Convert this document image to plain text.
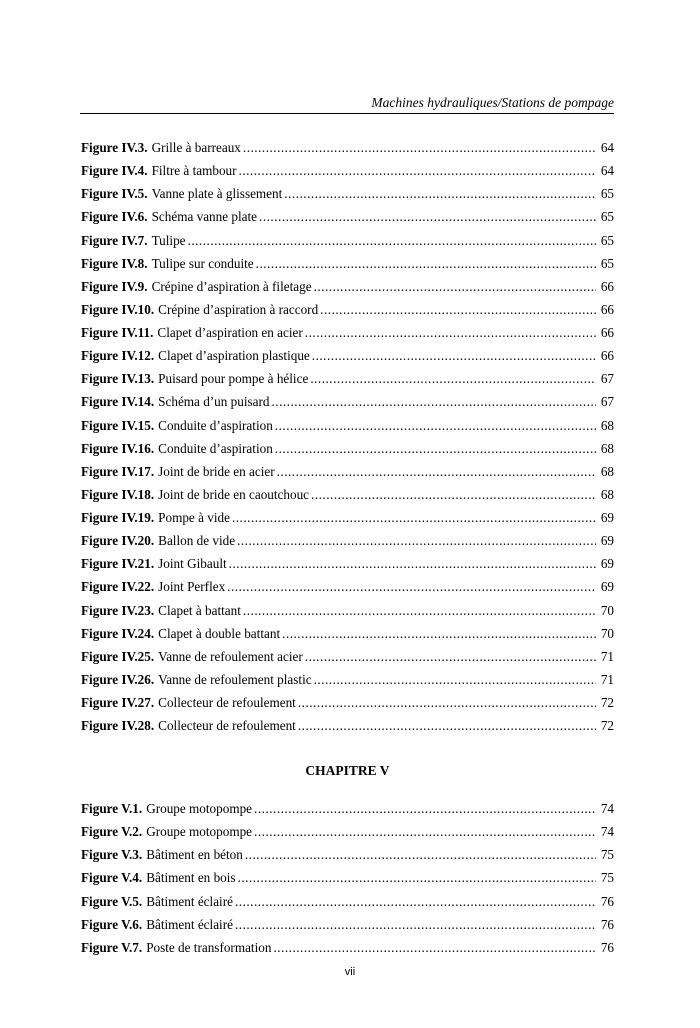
Machines hydrauliques/Stations de pompage
Figure IV.3. Grille à barreaux .....	64
Figure IV.4. Filtre à tambour .....	64
Figure IV.5. Vanne plate à glissement .....	65
Figure IV.6. Schéma vanne plate .....	65
Figure IV.7. Tulipe .....	65
Figure IV.8. Tulipe sur conduite .....	65
Figure IV.9. Crépine d’aspiration à filetage .....	66
Figure IV.10. Crépine d’aspiration à raccord .....	66
Figure IV.11. Clapet d’aspiration en acier .....	66
Figure IV.12. Clapet d’aspiration plastique .....	66
Figure IV.13. Puisard pour pompe à hélice .....	67
Figure IV.14. Schéma d’un puisard .....	67
Figure IV.15. Conduite d’aspiration .....	68
Figure IV.16. Conduite d’aspiration .....	68
Figure IV.17. Joint de bride en acier .....	68
Figure IV.18. Joint de bride en caoutchouc .....	68
Figure IV.19. Pompe à vide .....	69
Figure IV.20. Ballon de vide .....	69
Figure IV.21. Joint Gibault .....	69
Figure IV.22. Joint Perflex .....	69
Figure IV.23. Clapet à battant .....	70
Figure IV.24. Clapet à double battant .....	70
Figure IV.25. Vanne de refoulement acier .....	71
Figure IV.26. Vanne de refoulement plastic .....	71
Figure IV.27. Collecteur de refoulement .....	72
Figure IV.28. Collecteur de refoulement .....	72
CHAPITRE V
Figure V.1. Groupe motopompe .....	74
Figure V.2. Groupe motopompe .....	74
Figure V.3. Bâtiment en béton .....	75
Figure V.4. Bâtiment en bois .....	75
Figure V.5. Bâtiment éclairé .....	76
Figure V.6. Bâtiment éclairé .....	76
Figure V.7. Poste de transformation .....	76
vii
